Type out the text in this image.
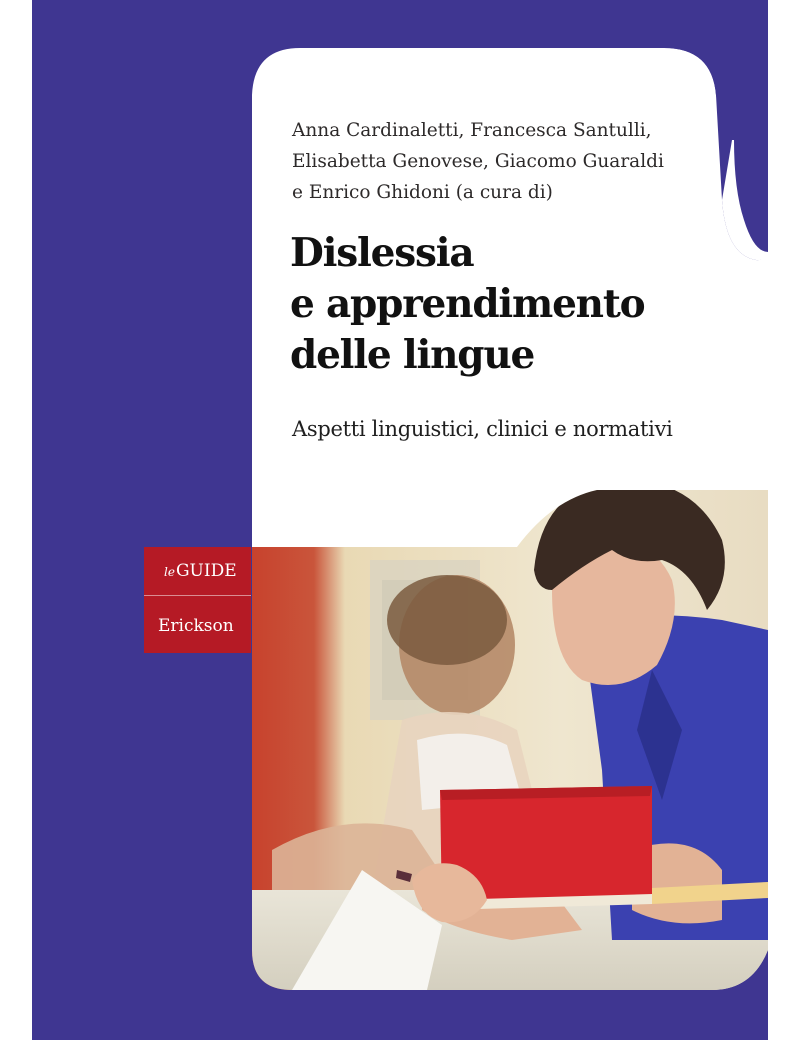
Anna Cardinaletti, Francesca Santulli,
Elisabetta Genovese, Giacomo Guaraldi
e Enrico Ghidoni (a cura di)
Dislessia
e apprendimento
delle lingue
Aspetti linguistici, clinici e normativi
leGUIDE
Erickson
